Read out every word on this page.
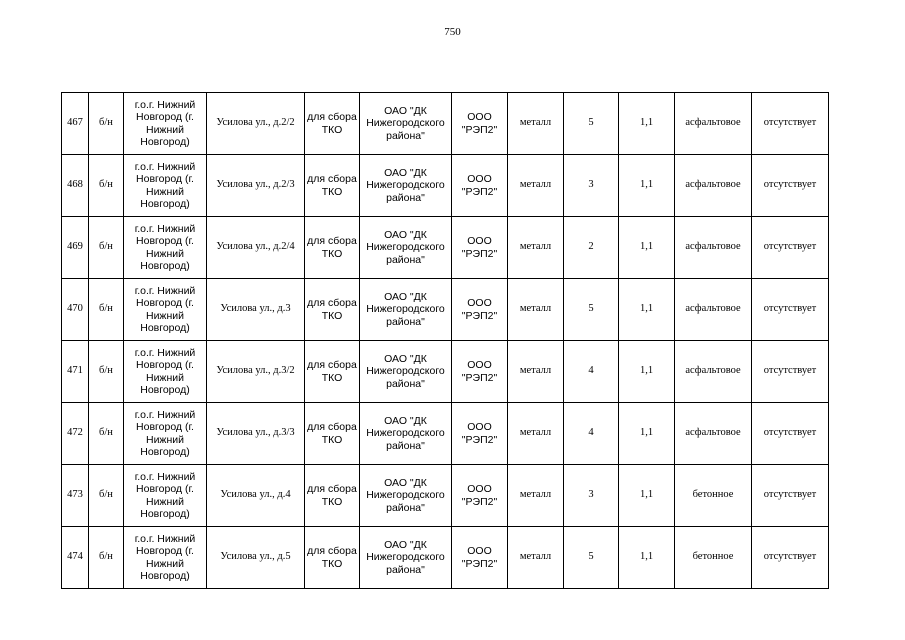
750
467	б/н	г.о.г. Нижний Новгород (г. Нижний Новгород)	Усилова ул., д.2/2	для сбора ТКО	ОАО "ДК Нижегородского района"	ООО "РЭП2"	металл	5	1,1	асфальтовое	отсутствует
468	б/н	г.о.г. Нижний Новгород (г. Нижний Новгород)	Усилова ул., д.2/3	для сбора ТКО	ОАО "ДК Нижегородского района"	ООО "РЭП2"	металл	3	1,1	асфальтовое	отсутствует
469	б/н	г.о.г. Нижний Новгород (г. Нижний Новгород)	Усилова ул., д.2/4	для сбора ТКО	ОАО "ДК Нижегородского района"	ООО "РЭП2"	металл	2	1,1	асфальтовое	отсутствует
470	б/н	г.о.г. Нижний Новгород (г. Нижний Новгород)	Усилова ул., д.3	для сбора ТКО	ОАО "ДК Нижегородского района"	ООО "РЭП2"	металл	5	1,1	асфальтовое	отсутствует
471	б/н	г.о.г. Нижний Новгород (г. Нижний Новгород)	Усилова ул., д.3/2	для сбора ТКО	ОАО "ДК Нижегородского района"	ООО "РЭП2"	металл	4	1,1	асфальтовое	отсутствует
472	б/н	г.о.г. Нижний Новгород (г. Нижний Новгород)	Усилова ул., д.3/3	для сбора ТКО	ОАО "ДК Нижегородского района"	ООО "РЭП2"	металл	4	1,1	асфальтовое	отсутствует
473	б/н	г.о.г. Нижний Новгород (г. Нижний Новгород)	Усилова ул., д.4	для сбора ТКО	ОАО "ДК Нижегородского района"	ООО "РЭП2"	металл	3	1,1	бетонное	отсутствует
474	б/н	г.о.г. Нижний Новгород (г. Нижний Новгород)	Усилова ул., д.5	для сбора ТКО	ОАО "ДК Нижегородского района"	ООО "РЭП2"	металл	5	1,1	бетонное	отсутствует
